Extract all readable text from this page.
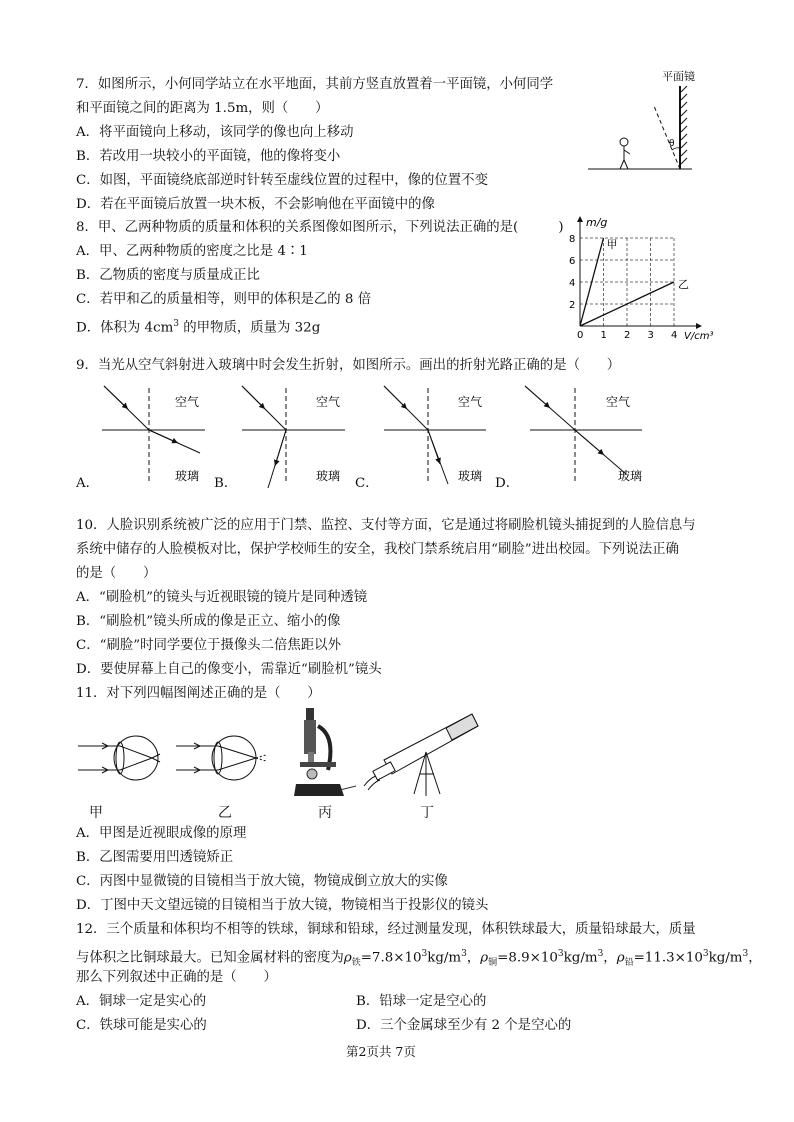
7．如图所示，小何同学站立在水平地面，其前方竖直放置着一平面镜，小何同学
和平面镜之间的距离为 1.5m，则（　　）
A．将平面镜向上移动，该同学的像也向上移动
B．若改用一块较小的平面镜，他的像将变小
C．如图，平面镜绕底部逆时针转至虚线位置的过程中，像的位置不变
D．若在平面镜后放置一块木板，不会影响他在平面镜中的像
平面镜
θ
8．甲、乙两种物质的质量和体积的关系图像如图所示，下列说法正确的是(　　　)
A．甲、乙两种物质的密度之比是 4∶1
B．乙物质的密度与质量成正比
C．若甲和乙的质量相等，则甲的体积是乙的 8 倍
D．体积为 $4cm^3$ 的甲物质，质量为 32g
0 1 2 3 4
2
4
6
8	甲
乙
m/g
V/cm³
9．当光从空气斜射进入玻璃中时会发生折射，如图所示。画出的折射光路正确的是（　　）
空气
玻璃
空气
玻璃
空气
玻璃
空气
玻璃
A．	B．	C．	D．
10．人脸识别系统被广泛的应用于门禁、监控、支付等方面，它是通过将刷脸机镜头捕捉到的人脸信息与
系统中储存的人脸模板对比，保护学校师生的安全，我校门禁系统启用“刷脸”进出校园。下列说法正确
的是（　　）
A．“刷脸机”的镜头与近视眼镜的镜片是同种透镜
B．“刷脸机”镜头所成的像是正立、缩小的像
C．“刷脸”时同学要位于摄像头二倍焦距以外
D．要使屏幕上自己的像变小，需靠近“刷脸机”镜头
11．对下列四幅图阐述正确的是（　　）
甲	乙	丙	丁
A．甲图是近视眼成像的原理
B．乙图需要用凹透镜矫正
C．丙图中显微镜的目镜相当于放大镜，物镜成倒立放大的实像
D．丁图中天文望远镜的目镜相当于放大镜，物镜相当于投影仪的镜头
12．三个质量和体积均不相等的铁球，铜球和铅球，经过测量发现，体积铁球最大，质量铅球最大，质量
与体积之比铜球最大。已知金属材料的密度为$\rho_铁=7.8\times 10^3kg/m^3$，$\rho_铜=8.9\times 10^3kg/m^3$，$\rho_铅=11.3\times 10^3kg/m^3$，
那么下列叙述中正确的是（　　）
A．铜球一定是实心的	B．铅球一定是空心的
C．铁球可能是实心的	D．三个金属球至少有 2 个是空心的
第2页共 7页
